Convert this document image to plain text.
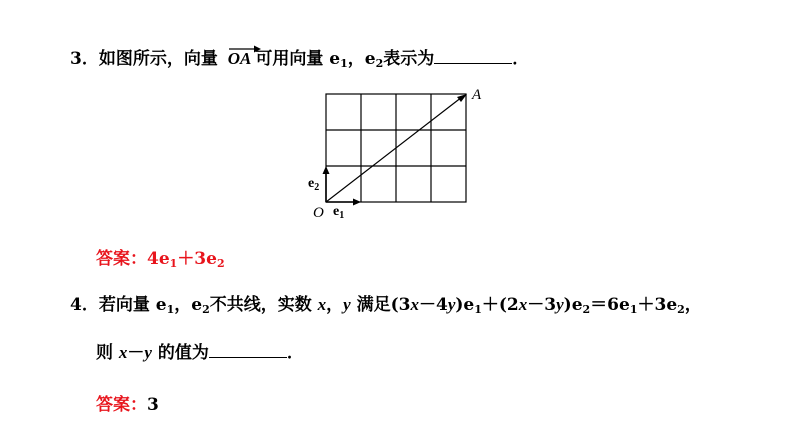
3．如图所示，向量 OA 可用向量 $e_1$，$e_2$表示为	．
A
O $e_1$
$e_2$
答案：$4e_1+3e_2$
4．若向量 $e_1$，$e_2$不共线，实数 x，y 满足$(3x-4y)e_1+(2x-3y)e_2=6e_1+3e_2$，
则 x－y 的值为	．
答案：3
